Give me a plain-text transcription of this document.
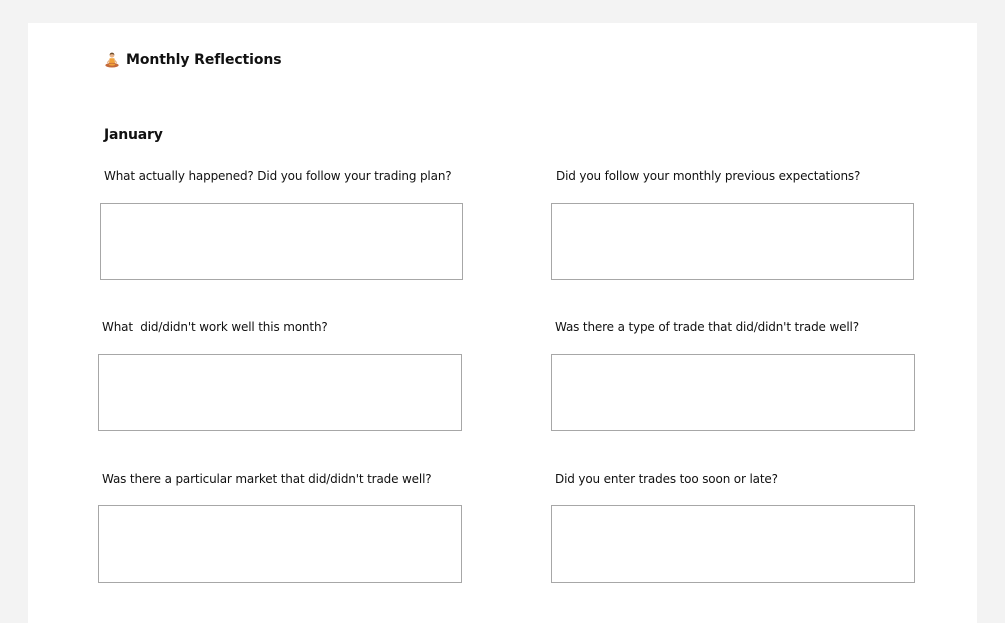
Monthly Reflections
January
What actually happened? Did you follow your trading plan?	Did you follow your monthly previous expectations?
What  did/didn't work well this month?	Was there a type of trade that did/didn't trade well?
Was there a particular market that did/didn't trade well?	Did you enter trades too soon or late?
